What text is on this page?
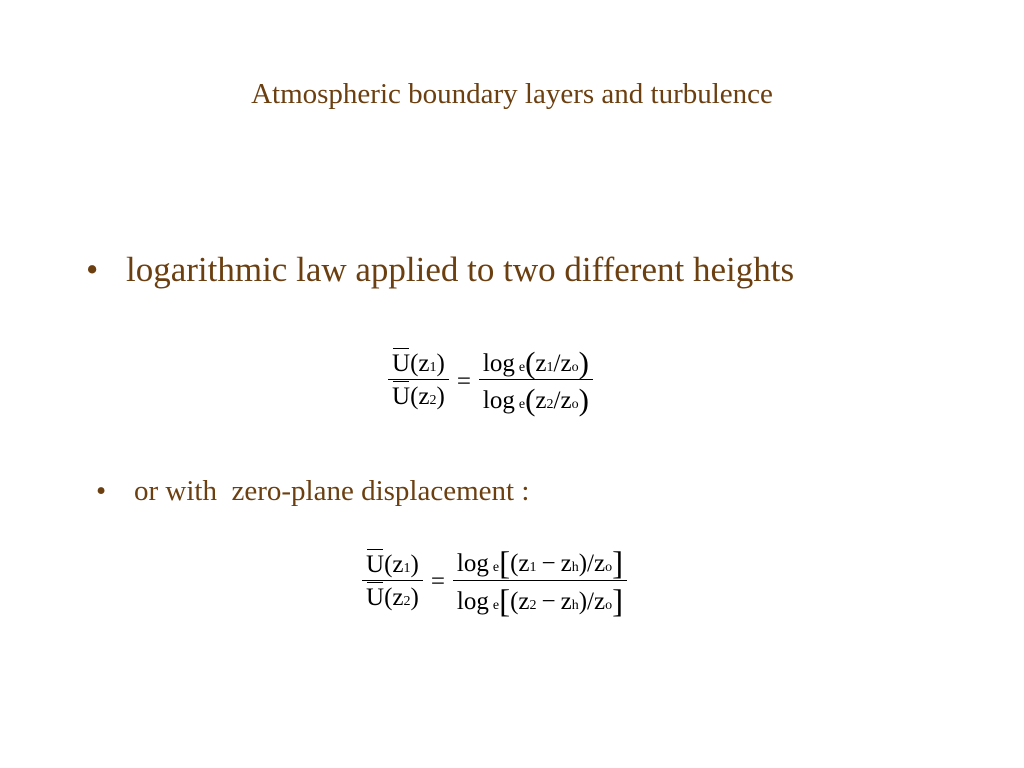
Atmospheric boundary layers and turbulence
• logarithmic law applied to two different heights
$\frac{U (z 1 )}{U (z 2 )}$ =
log e ( z 1 /z o )
log e ( z 2 /z o )
• or with  zero-plane displacement :
$\frac{U (z 1 )}{U (z 2 )}$ =
log e [ (z 1 − z h )/z o ]
log e [ (z 2 − z h )/z o ]
